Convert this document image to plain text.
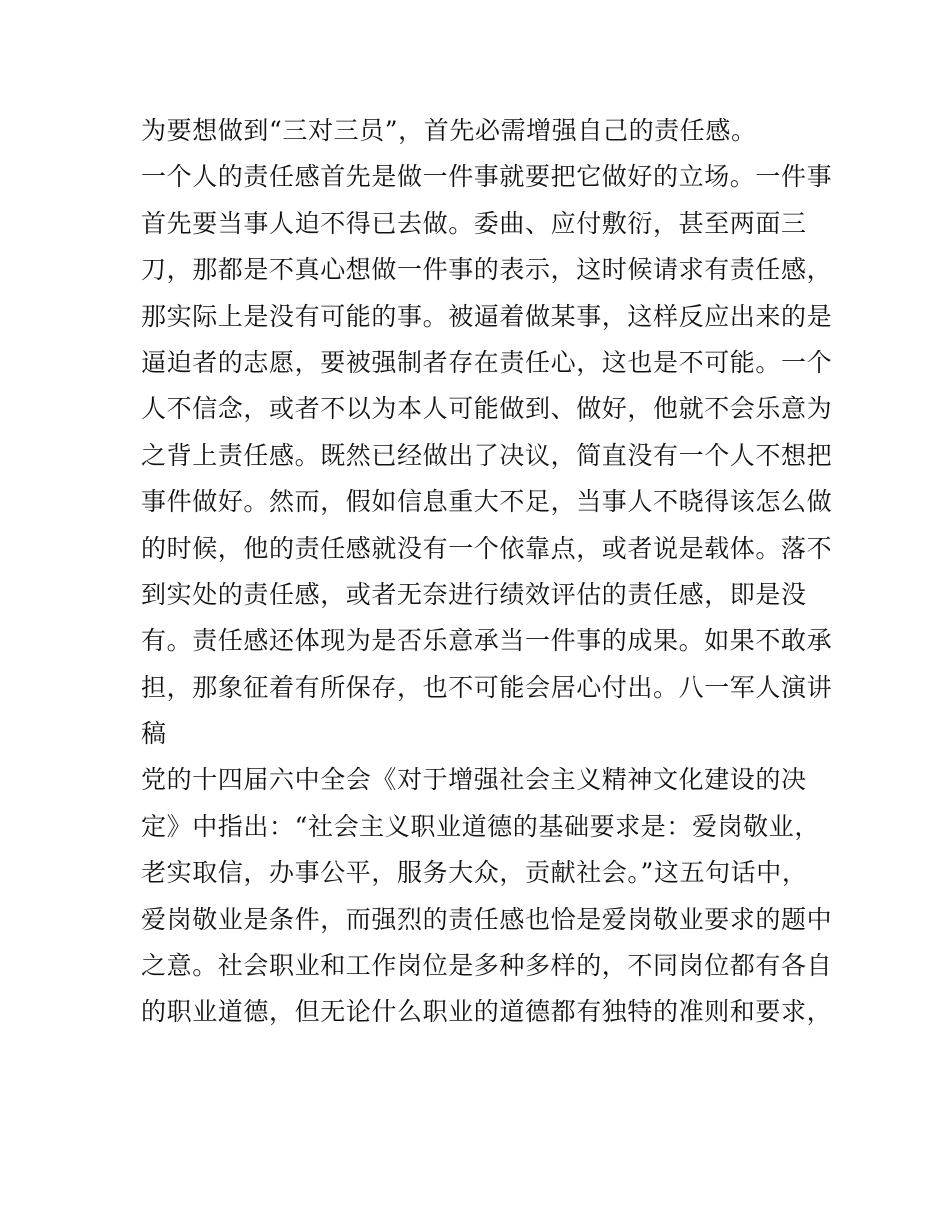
为要想做到“三对三员”，首先必需增强自己的责任感。
一个人的责任感首先是做一件事就要把它做好的立场。一件事
首先要当事人迫不得已去做。委曲、应付敷衍，甚至两面三
刀，那都是不真心想做一件事的表示，这时候请求有责任感，
那实际上是没有可能的事。被逼着做某事，这样反应出来的是
逼迫者的志愿，要被强制者存在责任心，这也是不可能。一个
人不信念，或者不以为本人可能做到、做好，他就不会乐意为
之背上责任感。既然已经做出了决议，简直没有一个人不想把
事件做好。然而，假如信息重大不足，当事人不晓得该怎么做
的时候，他的责任感就没有一个依靠点，或者说是载体。落不
到实处的责任感，或者无奈进行绩效评估的责任感，即是没
有。责任感还体现为是否乐意承当一件事的成果。如果不敢承
担，那象征着有所保存，也不可能会居心付出。八一军人演讲
稿
党的十四届六中全会《对于增强社会主义精神文化建设的决
定》中指出：“社会主义职业道德的基础要求是：爱岗敬业，
老实取信，办事公平，服务大众，贡献社会。”这五句话中，
爱岗敬业是条件，而强烈的责任感也恰是爱岗敬业要求的题中
之意。社会职业和工作岗位是多种多样的，不同岗位都有各自
的职业道德，但无论什么职业的道德都有独特的准则和要求，
